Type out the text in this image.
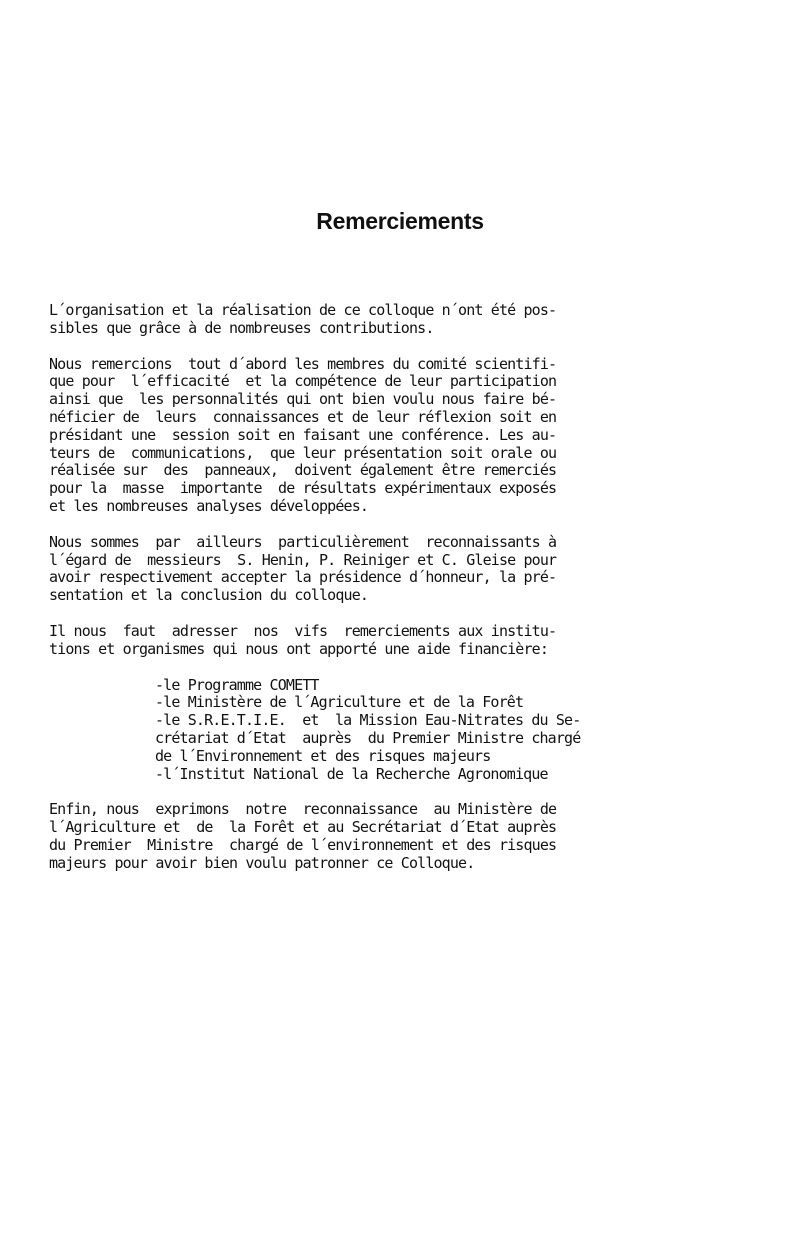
Remerciements

L´organisation et la réalisation de ce colloque n´ont été pos-
sibles que grâce à de nombreuses contributions.

Nous remercions  tout d´abord les membres du comité scientifi-
que pour  l´efficacité  et la compétence de leur participation
ainsi que  les personnalités qui ont bien voulu nous faire bé-
néficier de  leurs  connaissances et de leur réflexion soit en
présidant une  session soit en faisant une conférence. Les au-
teurs de  communications,  que leur présentation soit orale ou
réalisée sur  des  panneaux,  doivent également être remerciés
pour la  masse  importante  de résultats expérimentaux exposés
et les nombreuses analyses développées.

Nous sommes  par  ailleurs  particulièrement  reconnaissants à
l´égard de  messieurs  S. Henin, P. Reiniger et C. Gleise pour
avoir respectivement accepter la présidence d´honneur, la pré-
sentation et la conclusion du colloque.

Il nous  faut  adresser  nos  vifs  remerciements aux institu-
tions et organismes qui nous ont apporté une aide financière:

-le Programme COMETT
-le Ministère de l´Agriculture et de la Forêt
-le S.R.E.T.I.E.  et  la Mission Eau-Nitrates du Se-
crétariat d´Etat  auprès  du Premier Ministre chargé
de l´Environnement et des risques majeurs
-l´Institut National de la Recherche Agronomique

Enfin, nous  exprimons  notre  reconnaissance  au Ministère de
l´Agriculture et  de  la Forêt et au Secrétariat d´Etat auprès
du Premier  Ministre  chargé de l´environnement et des risques
majeurs pour avoir bien voulu patronner ce Colloque.
